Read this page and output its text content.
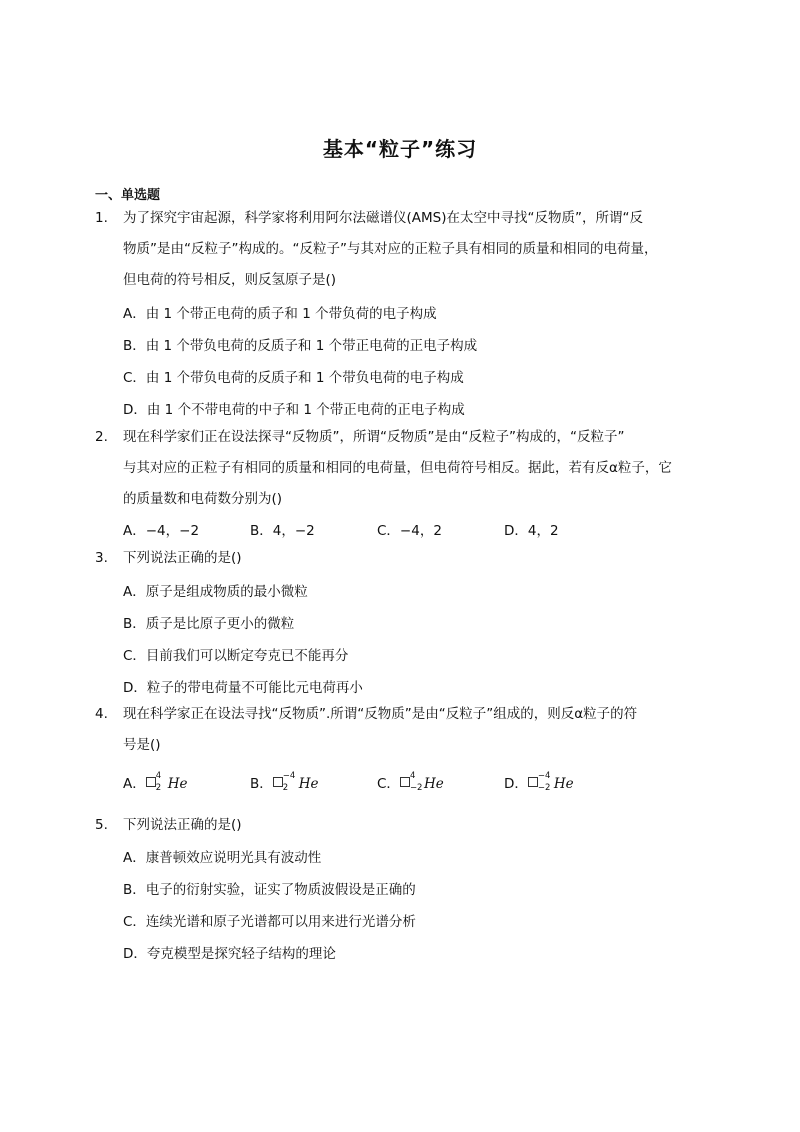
基本“粒子”练习
一、单选题
1. 为了探究宇宙起源，科学家将利用阿尔法磁谱仪(AMS)在太空中寻找“反物质”，所谓“反
物质”是由“反粒子”构成的。“反粒子”与其对应的正粒子具有相同的质量和相同的电荷量，
但电荷的符号相反，则反氢原子是()
A．由 1 个带正电荷的质子和 1 个带负荷的电子构成
B．由 1 个带负电荷的反质子和 1 个带正电荷的正电子构成
C．由 1 个带负电荷的反质子和 1 个带负电荷的电子构成
D．由 1 个不带电荷的中子和 1 个带正电荷的正电子构成
2. 现在科学家们正在设法探寻“反物质”，所谓“反物质”是由“反粒子”构成的，“反粒子”
与其对应的正粒子有相同的质量和相同的电荷量，但电荷符号相反。据此，若有反α粒子，它
的质量数和电荷数分别为()
A．−4，−2	B．4，−2	C．−4，2	D．4，2
3. 下列说法正确的是()
A．原子是组成物质的最小微粒
B．质子是比原子更小的微粒
C．目前我们可以断定夸克已不能再分
D．粒子的带电荷量不可能比元电荷再小
4. 现在科学家正在设法寻找“反物质”.所谓“反物质”是由“反粒子”组成的，则反α粒子的符
号是()
A． 4
2 He	B． −4
2 He	C． 4
−2 He	D． −4
−2 He
5. 下列说法正确的是()
A．康普顿效应说明光具有波动性
B．电子的衍射实验，证实了物质波假设是正确的
C．连续光谱和原子光谱都可以用来进行光谱分析
D．夸克模型是探究轻子结构的理论
